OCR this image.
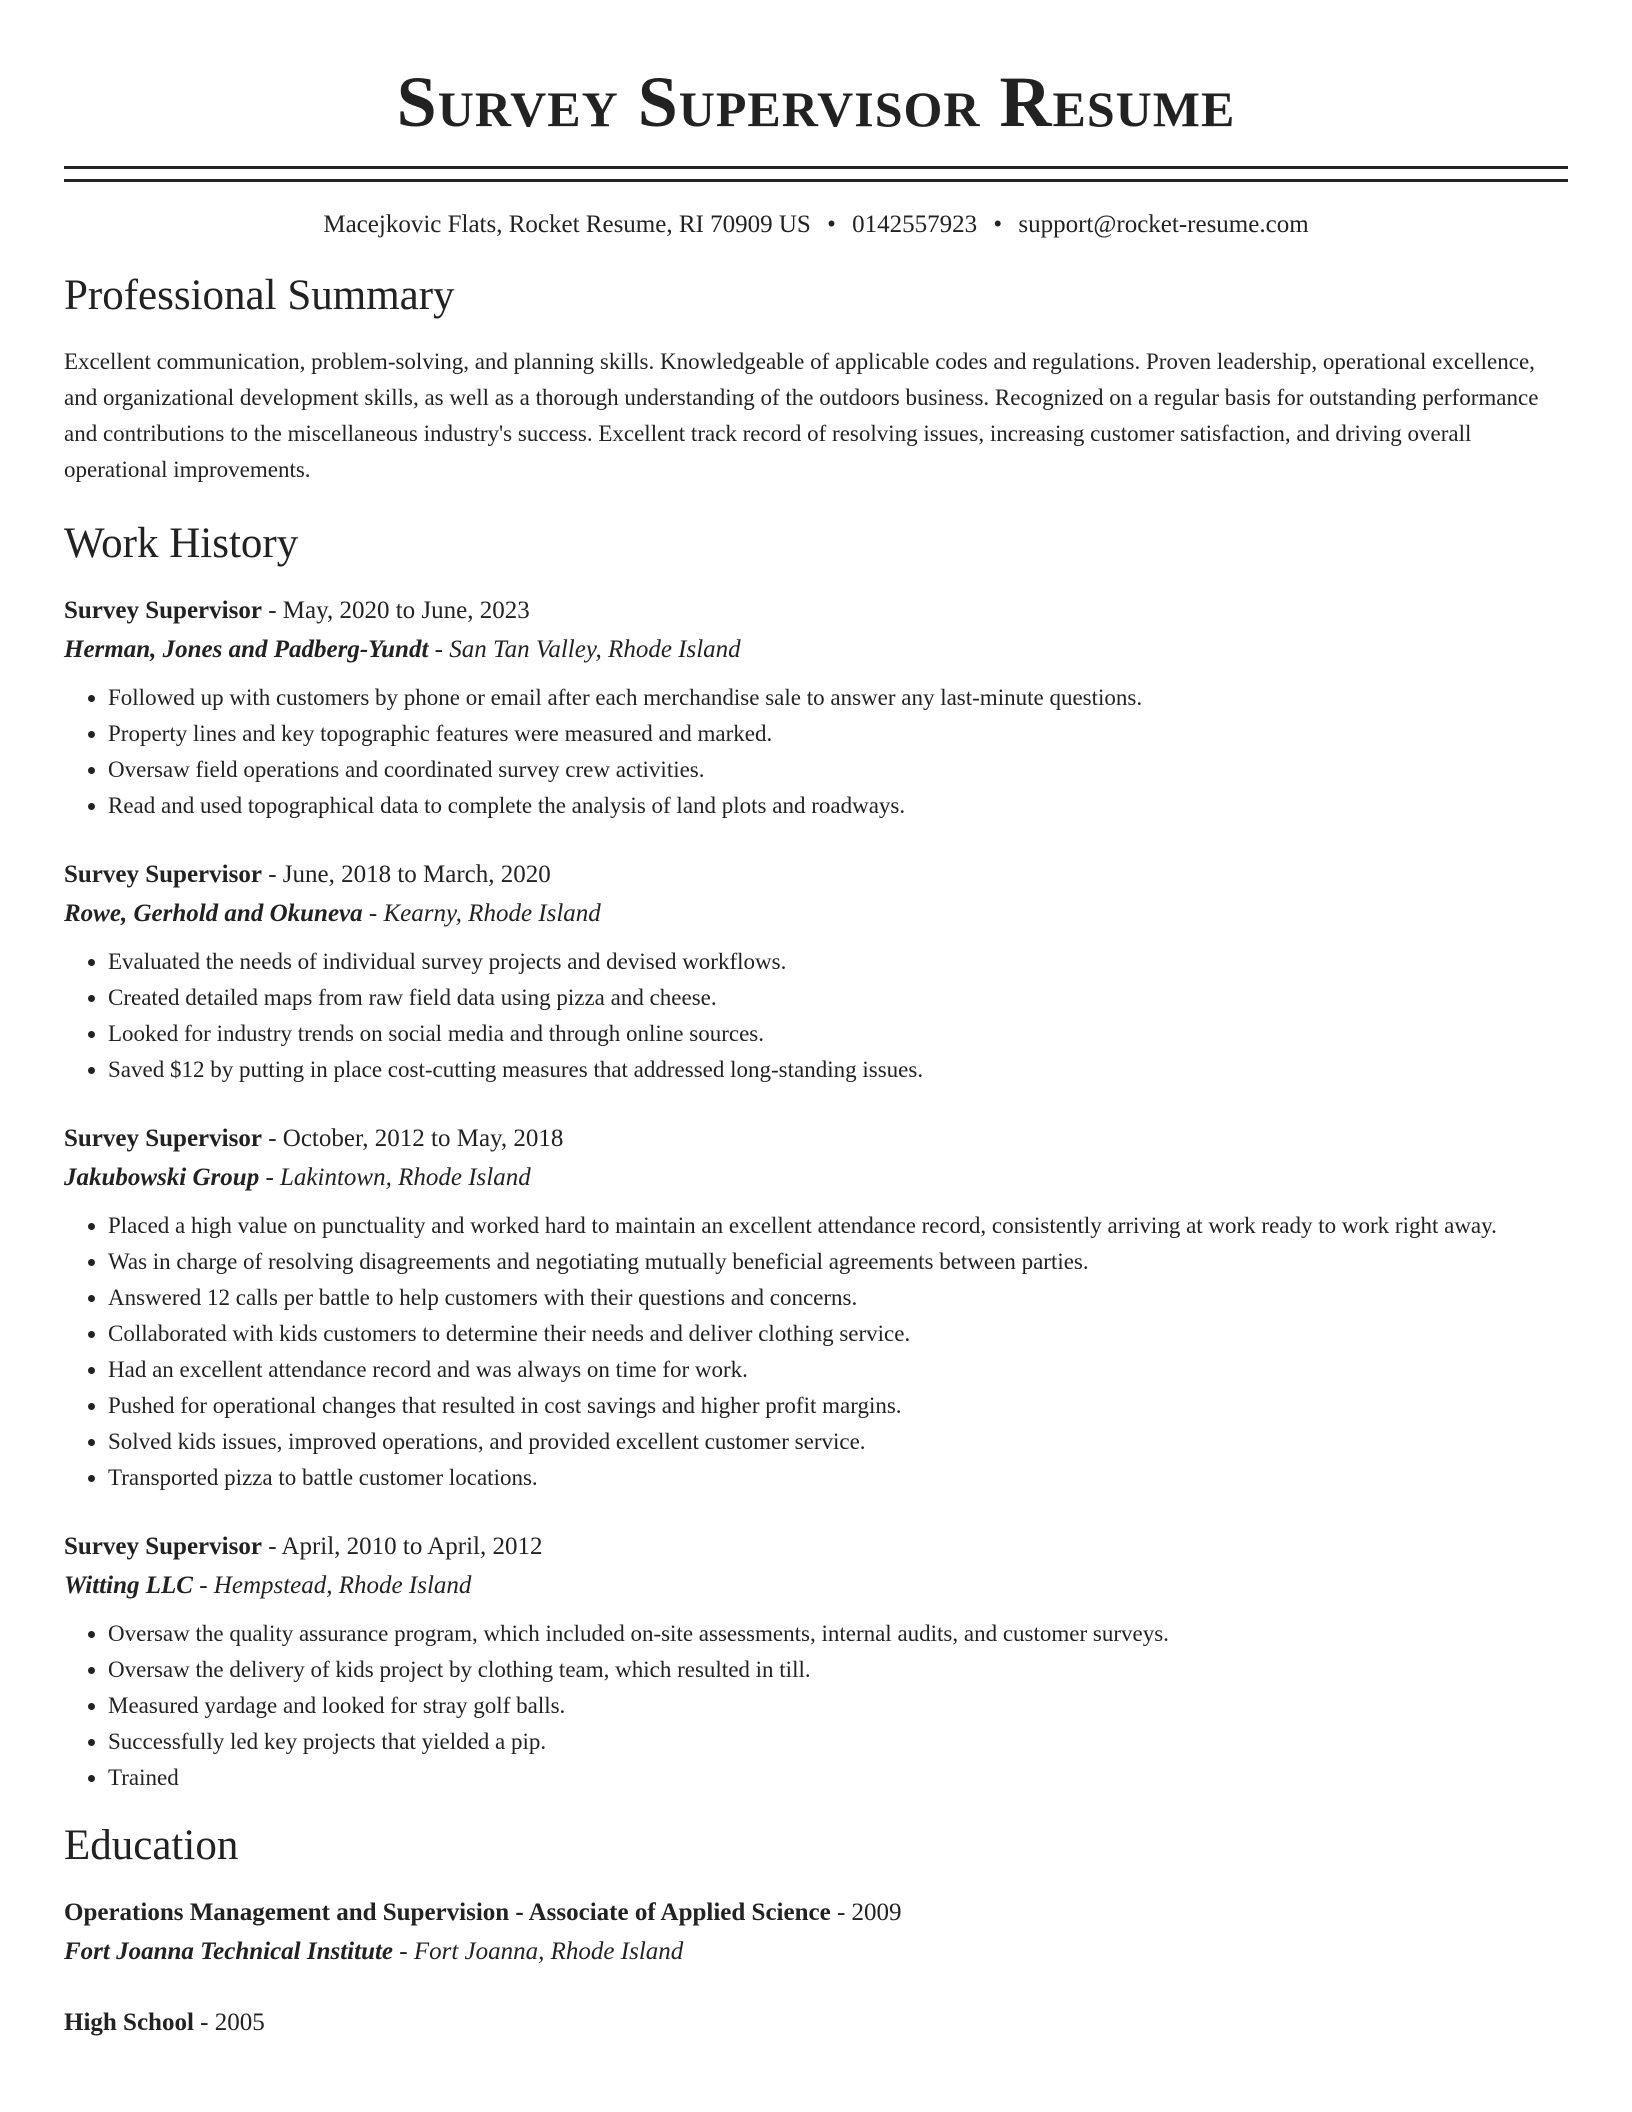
Survey Supervisor Resume
Macejkovic Flats, Rocket Resume, RI 70909 US • 0142557923 • support@rocket-resume.com
Professional Summary

Excellent communication, problem-solving, and planning skills. Knowledgeable of applicable codes and regulations. Proven leadership, operational excellence, and organizational development skills, as well as a thorough understanding of the outdoors business. Recognized on a regular basis for outstanding performance and contributions to the miscellaneous industry's success. Excellent track record of resolving issues, increasing customer satisfaction, and driving overall operational improvements.

Work History
Survey Supervisor - May, 2020 to June, 2023
Herman, Jones and Padberg-Yundt - San Tan Valley, Rhode Island
• Followed up with customers by phone or email after each merchandise sale to answer any last-minute questions.
• Property lines and key topographic features were measured and marked.
• Oversaw field operations and coordinated survey crew activities.
• Read and used topographical data to complete the analysis of land plots and roadways.
Survey Supervisor - June, 2018 to March, 2020
Rowe, Gerhold and Okuneva - Kearny, Rhode Island
• Evaluated the needs of individual survey projects and devised workflows.
• Created detailed maps from raw field data using pizza and cheese.
• Looked for industry trends on social media and through online sources.
• Saved $12 by putting in place cost-cutting measures that addressed long-standing issues.
Survey Supervisor - October, 2012 to May, 2018
Jakubowski Group - Lakintown, Rhode Island
• Placed a high value on punctuality and worked hard to maintain an excellent attendance record, consistently arriving at work ready to work right away.
• Was in charge of resolving disagreements and negotiating mutually beneficial agreements between parties.
• Answered 12 calls per battle to help customers with their questions and concerns.
• Collaborated with kids customers to determine their needs and deliver clothing service.
• Had an excellent attendance record and was always on time for work.
• Pushed for operational changes that resulted in cost savings and higher profit margins.
• Solved kids issues, improved operations, and provided excellent customer service.
• Transported pizza to battle customer locations.
Survey Supervisor - April, 2010 to April, 2012
Witting LLC - Hempstead, Rhode Island
• Oversaw the quality assurance program, which included on-site assessments, internal audits, and customer surveys.
• Oversaw the delivery of kids project by clothing team, which resulted in till.
• Measured yardage and looked for stray golf balls.
• Successfully led key projects that yielded a pip.
• Trained
Education
Operations Management and Supervision - Associate of Applied Science - 2009
Fort Joanna Technical Institute - Fort Joanna, Rhode Island
High School - 2005
